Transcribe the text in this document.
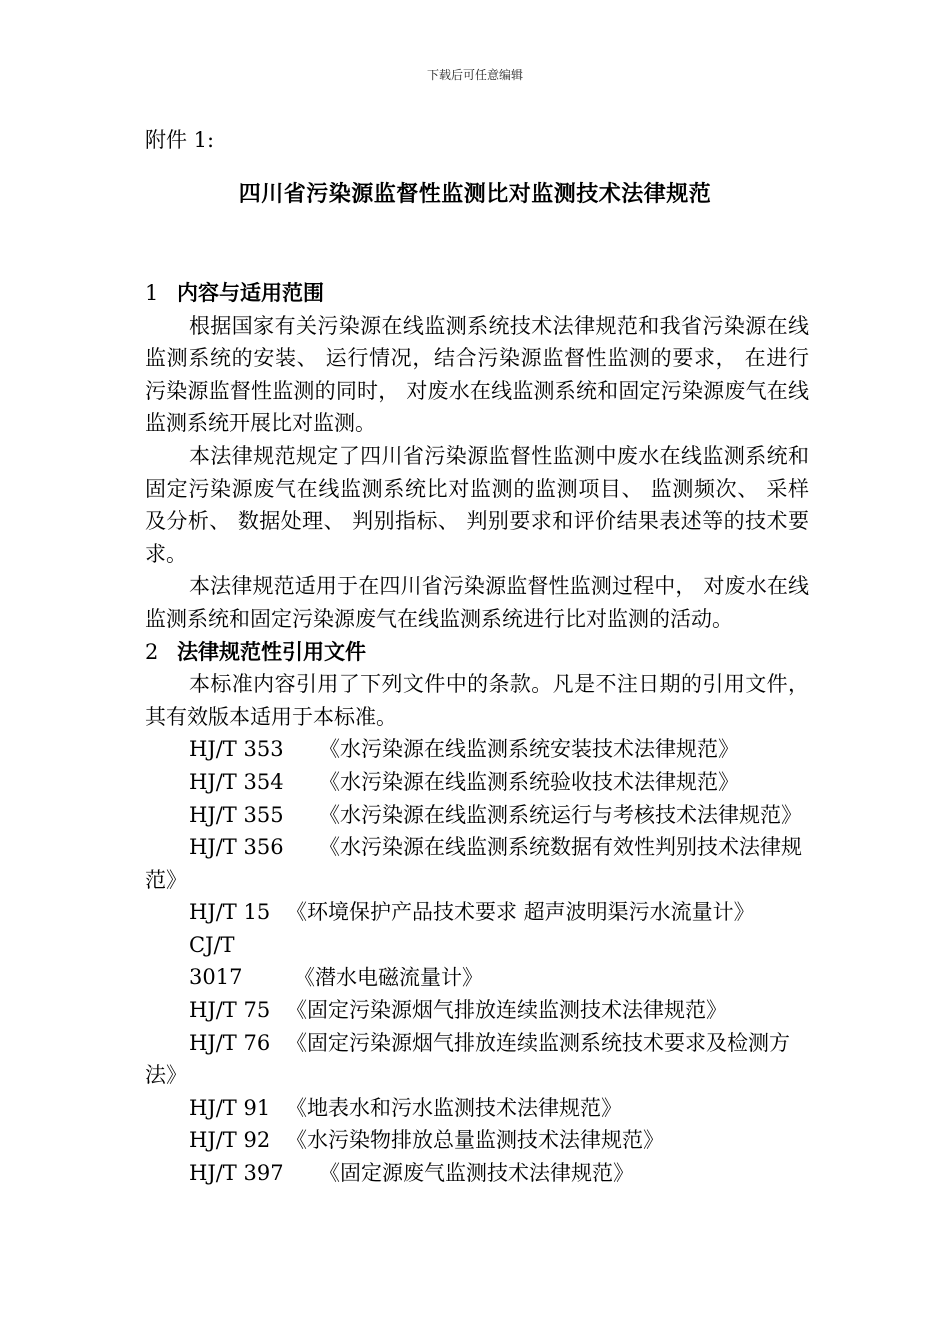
下载后可任意编辑
附件 1:
四川省污染源监督性监测比对监测技术法律规范

1 内容与适用范围

根据国家有关污染源在线监测系统技术法律规范和我省污染源在线监测系统的安装、 运行情况，结合污染源监督性监测的要求， 在进行污染源监督性监测的同时， 对废水在线监测系统和固定污染源废气在线监测系统开展比对监测。

本法律规范规定了四川省污染源监督性监测中废水在线监测系统和固定污染源废气在线监测系统比对监测的监测项目、 监测频次、 采样及分析、 数据处理、 判别指标、 判别要求和评价结果表述等的技术要求。

本法律规范适用于在四川省污染源监督性监测过程中， 对废水在线监测系统和固定污染源废气在线监测系统进行比对监测的活动。

2 法律规范性引用文件

本标准内容引用了下列文件中的条款。凡是不注日期的引用文件，其有效版本适用于本标准。

HJ/T 353 《水污染源在线监测系统安装技术法律规范》

HJ/T 354 《水污染源在线监测系统验收技术法律规范》

HJ/T 355 《水污染源在线监测系统运行与考核技术法律规范》

HJ/T 356 《水污染源在线监测系统数据有效性判别技术法律规范》

HJ/T 15 《环境保护产品技术要求 超声波明渠污水流量计》

CJ/T 3017 《潜水电磁流量计》

HJ/T 75 《固定污染源烟气排放连续监测技术法律规范》

HJ/T 76 《固定污染源烟气排放连续监测系统技术要求及检测方法》

HJ/T 91 《地表水和污水监测技术法律规范》

HJ/T 92 《水污染物排放总量监测技术法律规范》

HJ/T 397 《固定源废气监测技术法律规范》
